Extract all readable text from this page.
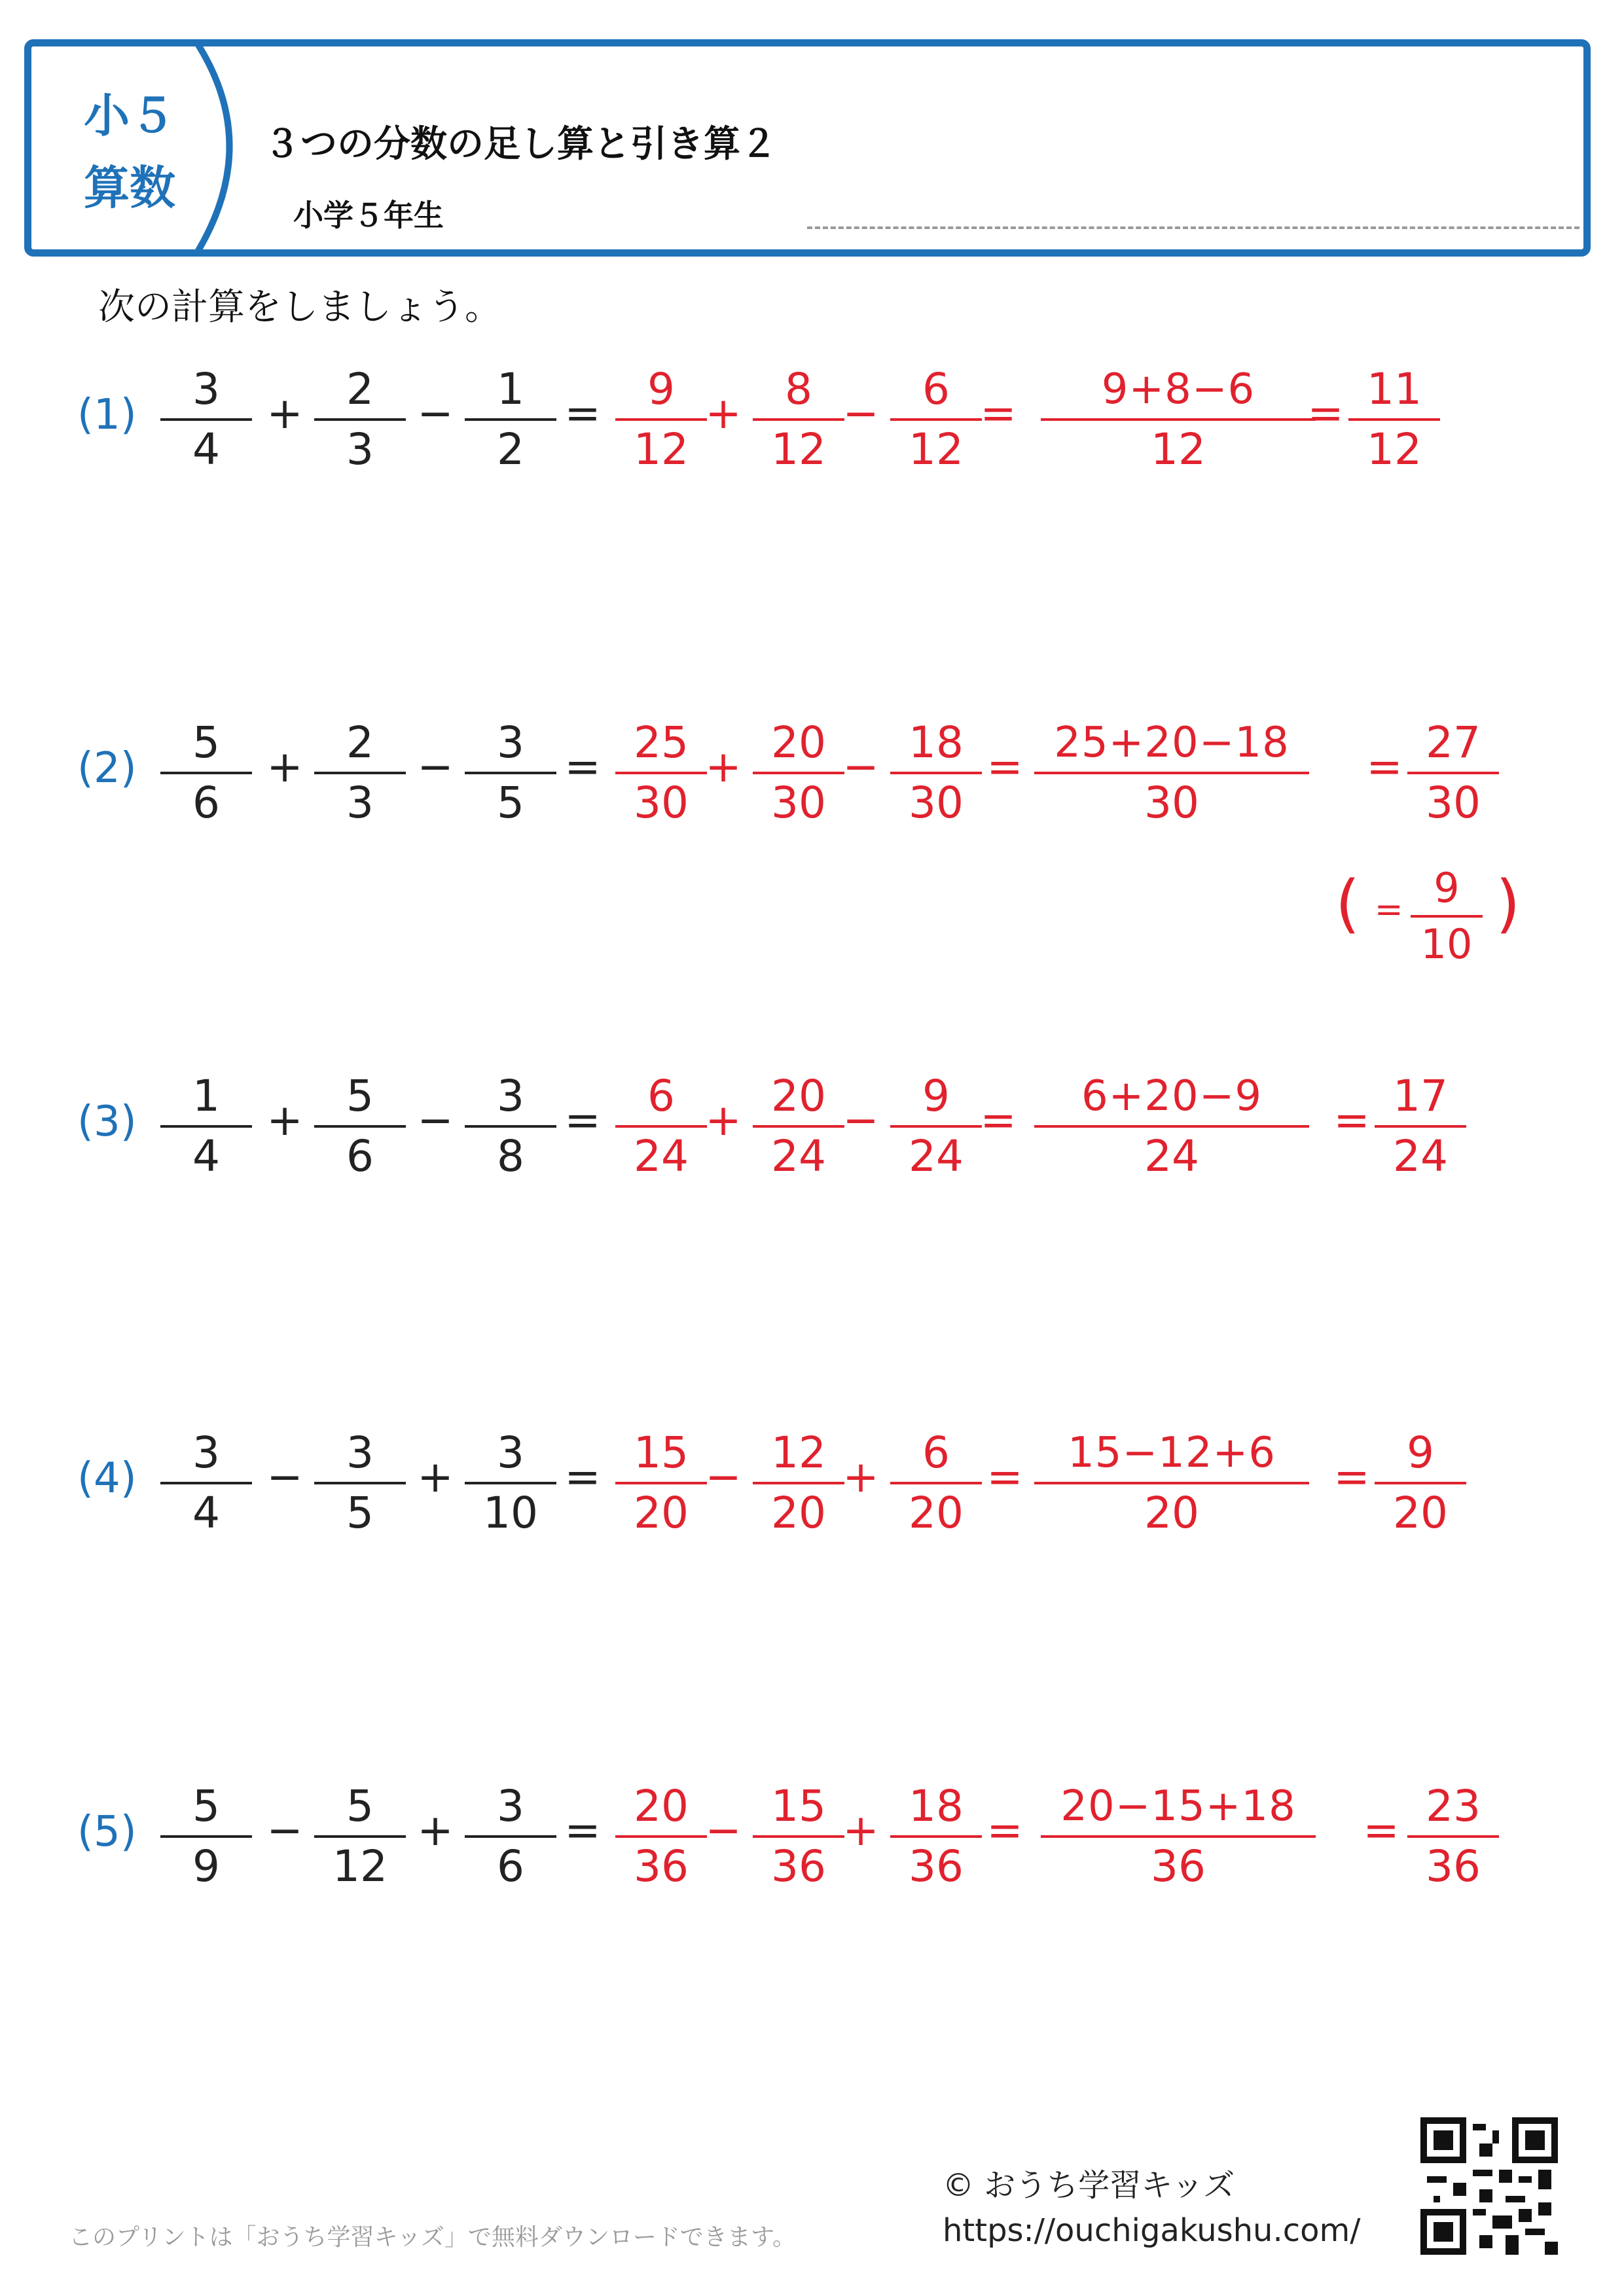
小５
算数
３つの分数の足し算と引き算２
小学５年生
次の計算をしましょう。
(1)
3
4
+	2
3
−	1
2
=	9
12
+	8
12
−	6
12
=	9+8−6
12
= 11
12
(2)
5
6
+	2
3
−	3
5
= 25
30
+ 20
30
− 18
30
= 25+20−18
30
= 27
30
(3)
1
4
+	5
6
−	3
8
=	6
24
+ 20
24
−	9
24
=	6+20−9
24
= 17
24
(4)
3
4
−	3
5
+	3
10
= 15
20
− 12
20
+	6
20
=	15−12+6
20
= 9
20
(5)
5
9
−	5
12
+	3
6
= 20
36
− 15
36
+ 18
36
= 20−15+18
36
= 23
36
( = 9
10
)
© おうち学習キッズ
https://ouchigakushu.com/
このプリントは「おうち学習キッズ」で無料ダウンロードできます。
